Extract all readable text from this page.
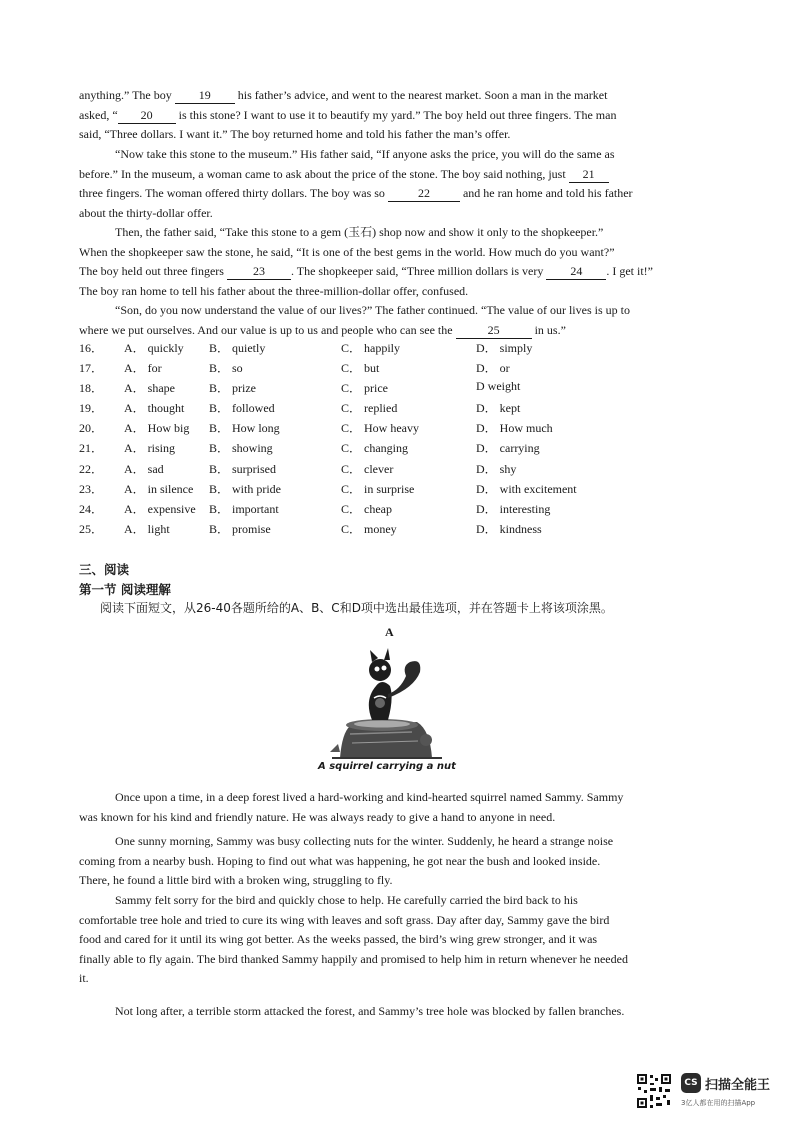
anything.” The boy 19 his father’s advice, and went to the nearest market. Soon a man in the market
asked, “ 20 is this stone? I want to use it to beautify my yard.” The boy held out three fingers. The man
said, “Three dollars. I want it.” The boy returned home and told his father the man’s offer.

“Now take this stone to the museum.” His father said, “If anyone asks the price, you will do the same as
before.” In the museum, a woman came to ask about the price of the stone. The boy said nothing, just 21
three fingers. The woman offered thirty dollars. The boy was so	22	and he ran home and told his father
about the thirty-dollar offer.

Then, the father said, “Take this stone to a gem (玉石) shop now and show it only to the shopkeeper.”
When the shopkeeper saw the stone, he said, “It is one of the best gems in the world. How much do you want?”
The boy held out three fingers 23 . The shopkeeper said, “Three million dollars is very 24 . I get it!”
The boy ran home to tell his father about the three-million-dollar offer, confused.

“Son, do you now understand the value of our lives?” The father continued. “The value of our lives is up to
where we put ourselves. And our value is up to us and people who can see the	25	in us.”

16． A． quickly B． quietly	C． happily	D． simply
17． A． for	B． so	C． but	D． or
18． A． shape	B． prize	C． price	D weight
19． A． thought B． followed	C． replied	D． kept
20． A． How big B． How long	C． How heavy	D． How much
21． A． rising	B． showing	C． changing	D． carrying
22． A． sad	B． surprised	C． clever	D． shy
23． A． in silence B． with pride	C． in surprise	D． with excitement
24． A． expensive B． important	C． cheap	D． interesting
25． A． light	B． promise	C． money	D． kindness
三、阅读
第一节 阅读理解
阅读下面短文，从26-40各题所给的A、B、C和D项中选出最佳选项，并在答题卡上将该项涂黑。
A
A squirrel carrying a nut

Once upon a time, in a deep forest lived a hard-working and kind-hearted squirrel named Sammy. Sammy
was known for his kind and friendly nature. He was always ready to give a hand to anyone in need.

One sunny morning, Sammy was busy collecting nuts for the winter. Suddenly, he heard a strange noise
coming from a nearby bush. Hoping to find out what was happening, he got near the bush and looked inside.
There, he found a little bird with a broken wing, struggling to fly.

Sammy felt sorry for the bird and quickly chose to help. He carefully carried the bird back to his
comfortable tree hole and tried to cure its wing with leaves and soft grass. Day after day, Sammy gave the bird
food and cared for it until its wing got better. As the weeks passed, the bird’s wing grew stronger, and it was
finally able to fly again. The bird thanked Sammy happily and promised to help him in return whenever he needed
it.

Not long after, a terrible storm attacked the forest, and Sammy’s tree hole was blocked by fallen branches.

CS 扫描全能王
3亿人都在用的扫描App
